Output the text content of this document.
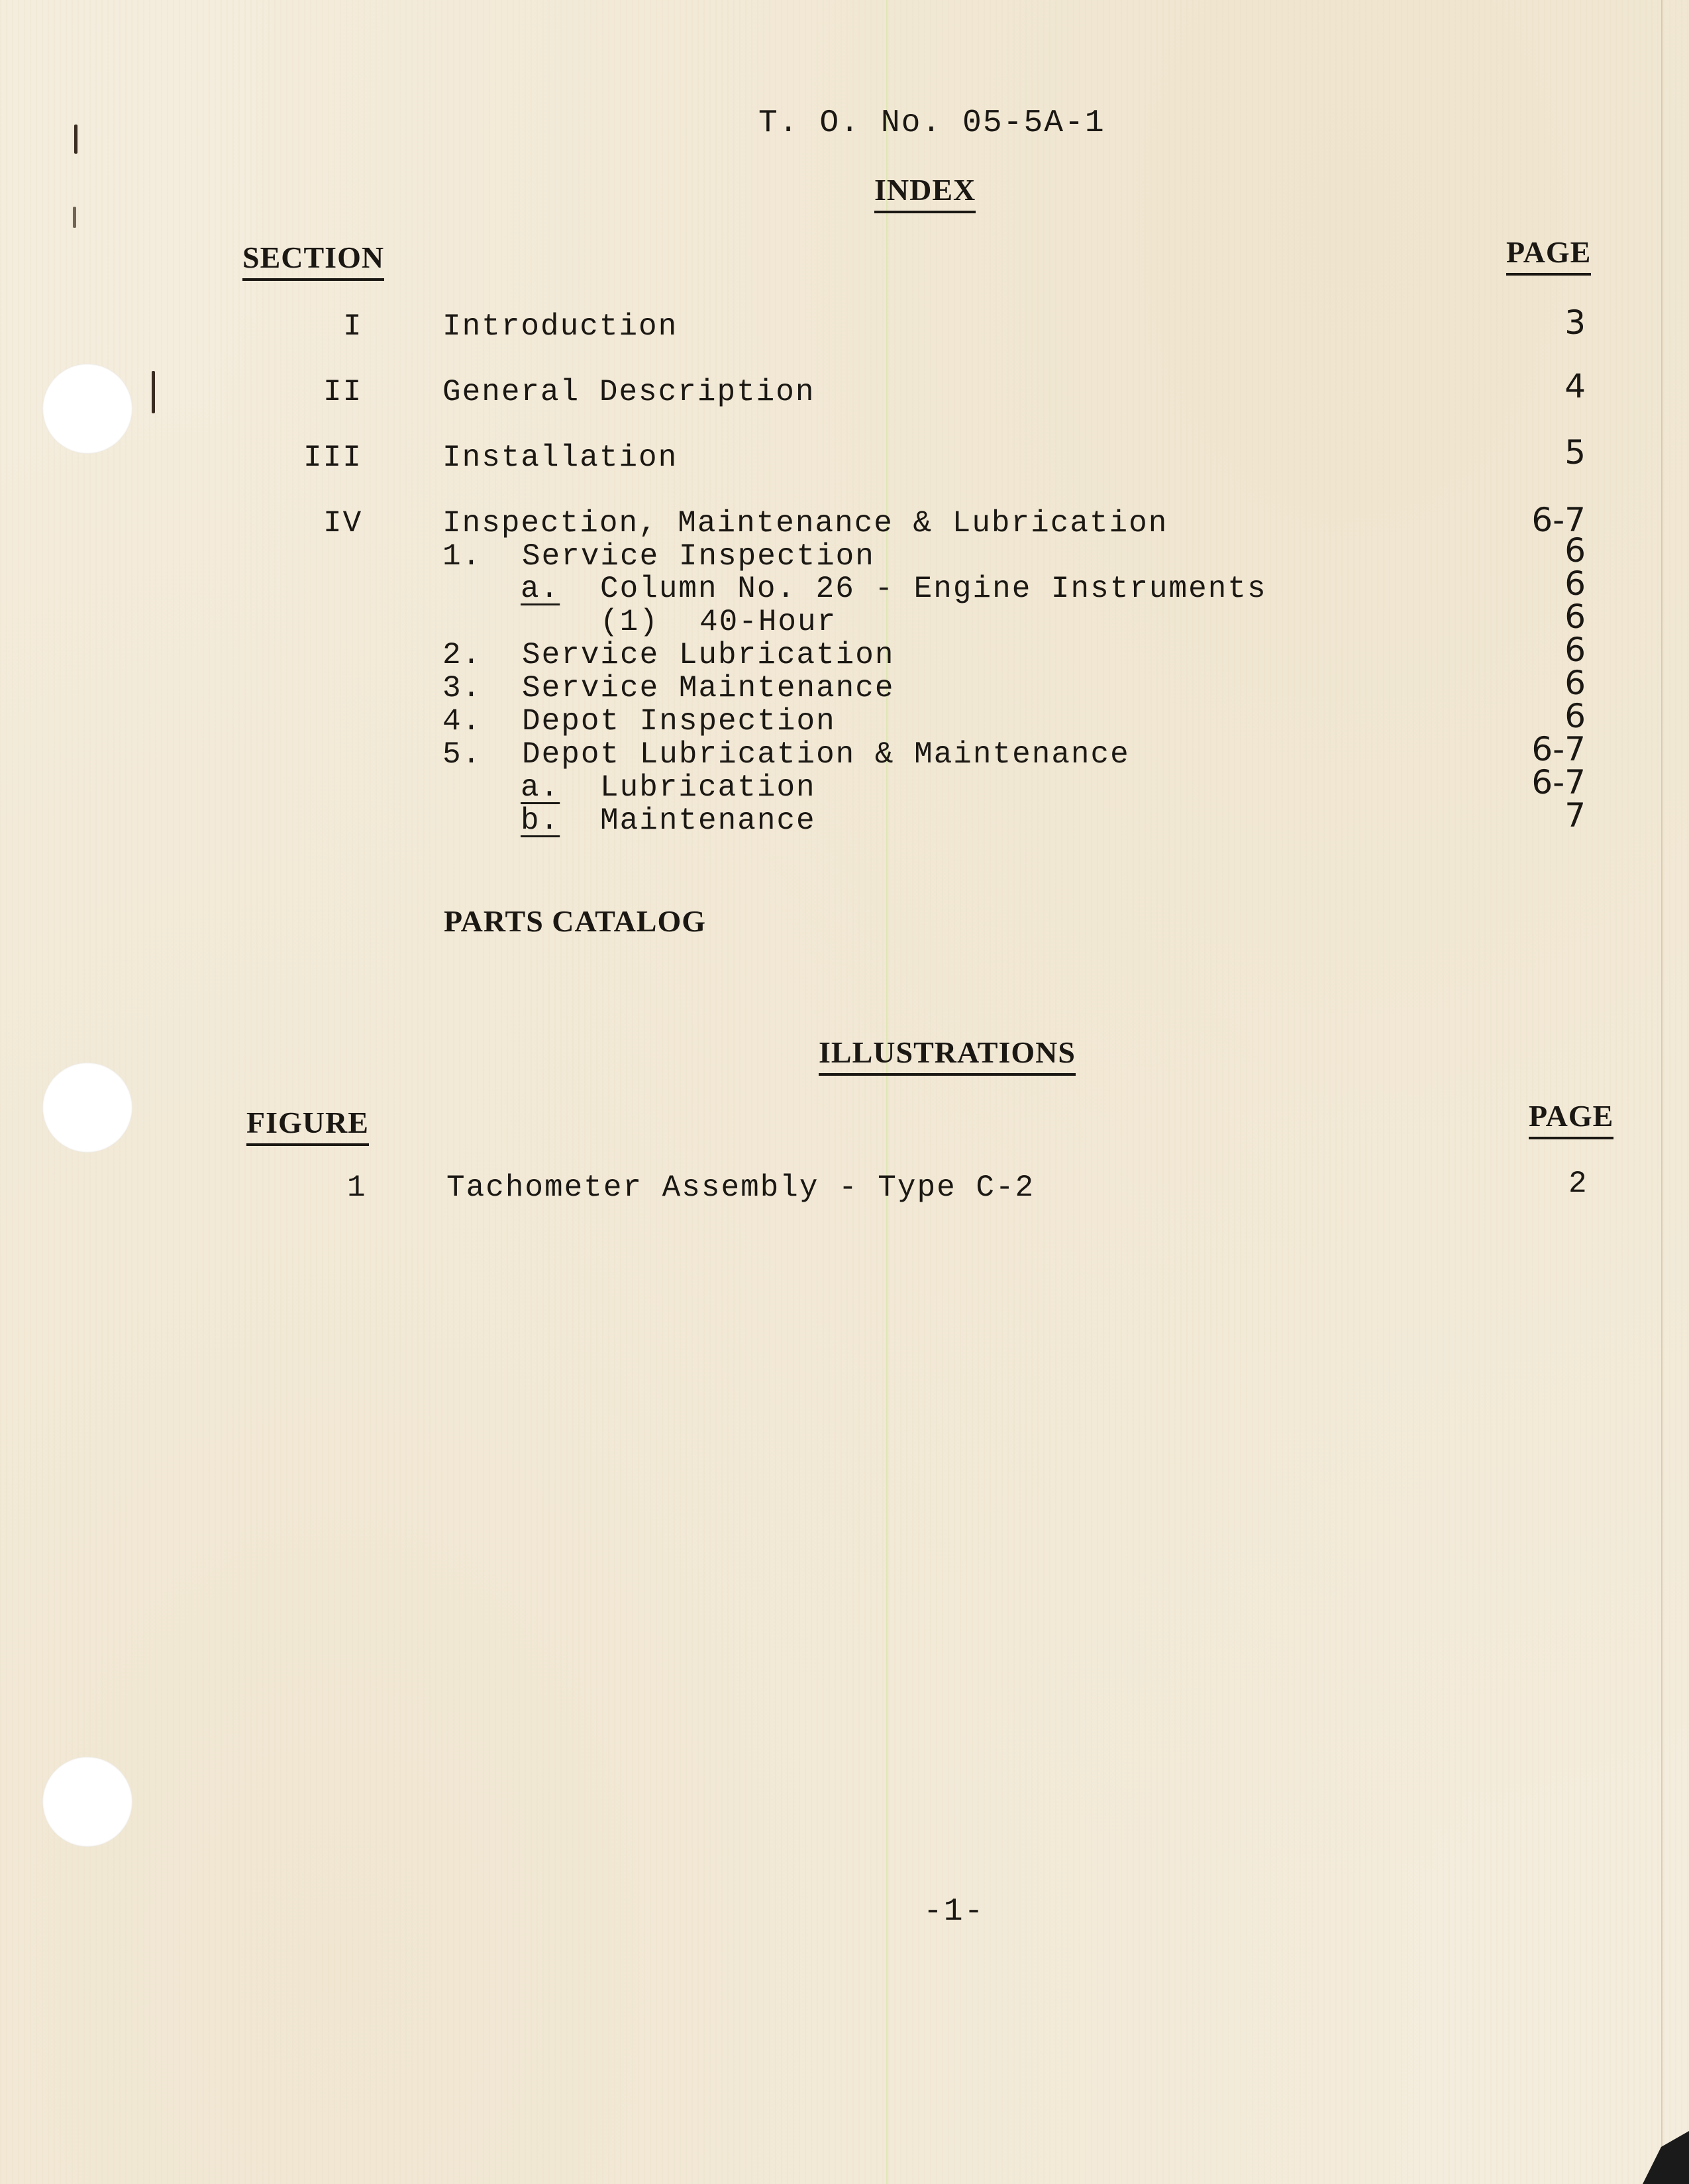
T. O. No. 05-5A-1
INDEX
SECTION	PAGE
I	Introduction	3
II	General Description	4
III	Installation	5
IV	Inspection, Maintenance & Lubrication	6-7
1. Service Inspection	6
a. Column No. 26 - Engine Instruments	6
(1) 40-Hour	6
2. Service Lubrication	6
3. Service Maintenance	6
4. Depot Inspection	6
5. Depot Lubrication & Maintenance	6-7
a. Lubrication	6-7
b. Maintenance	7
PARTS CATALOG
ILLUSTRATIONS
FIGURE	PAGE
1	Tachometer Assembly - Type C-2	2
-1-
